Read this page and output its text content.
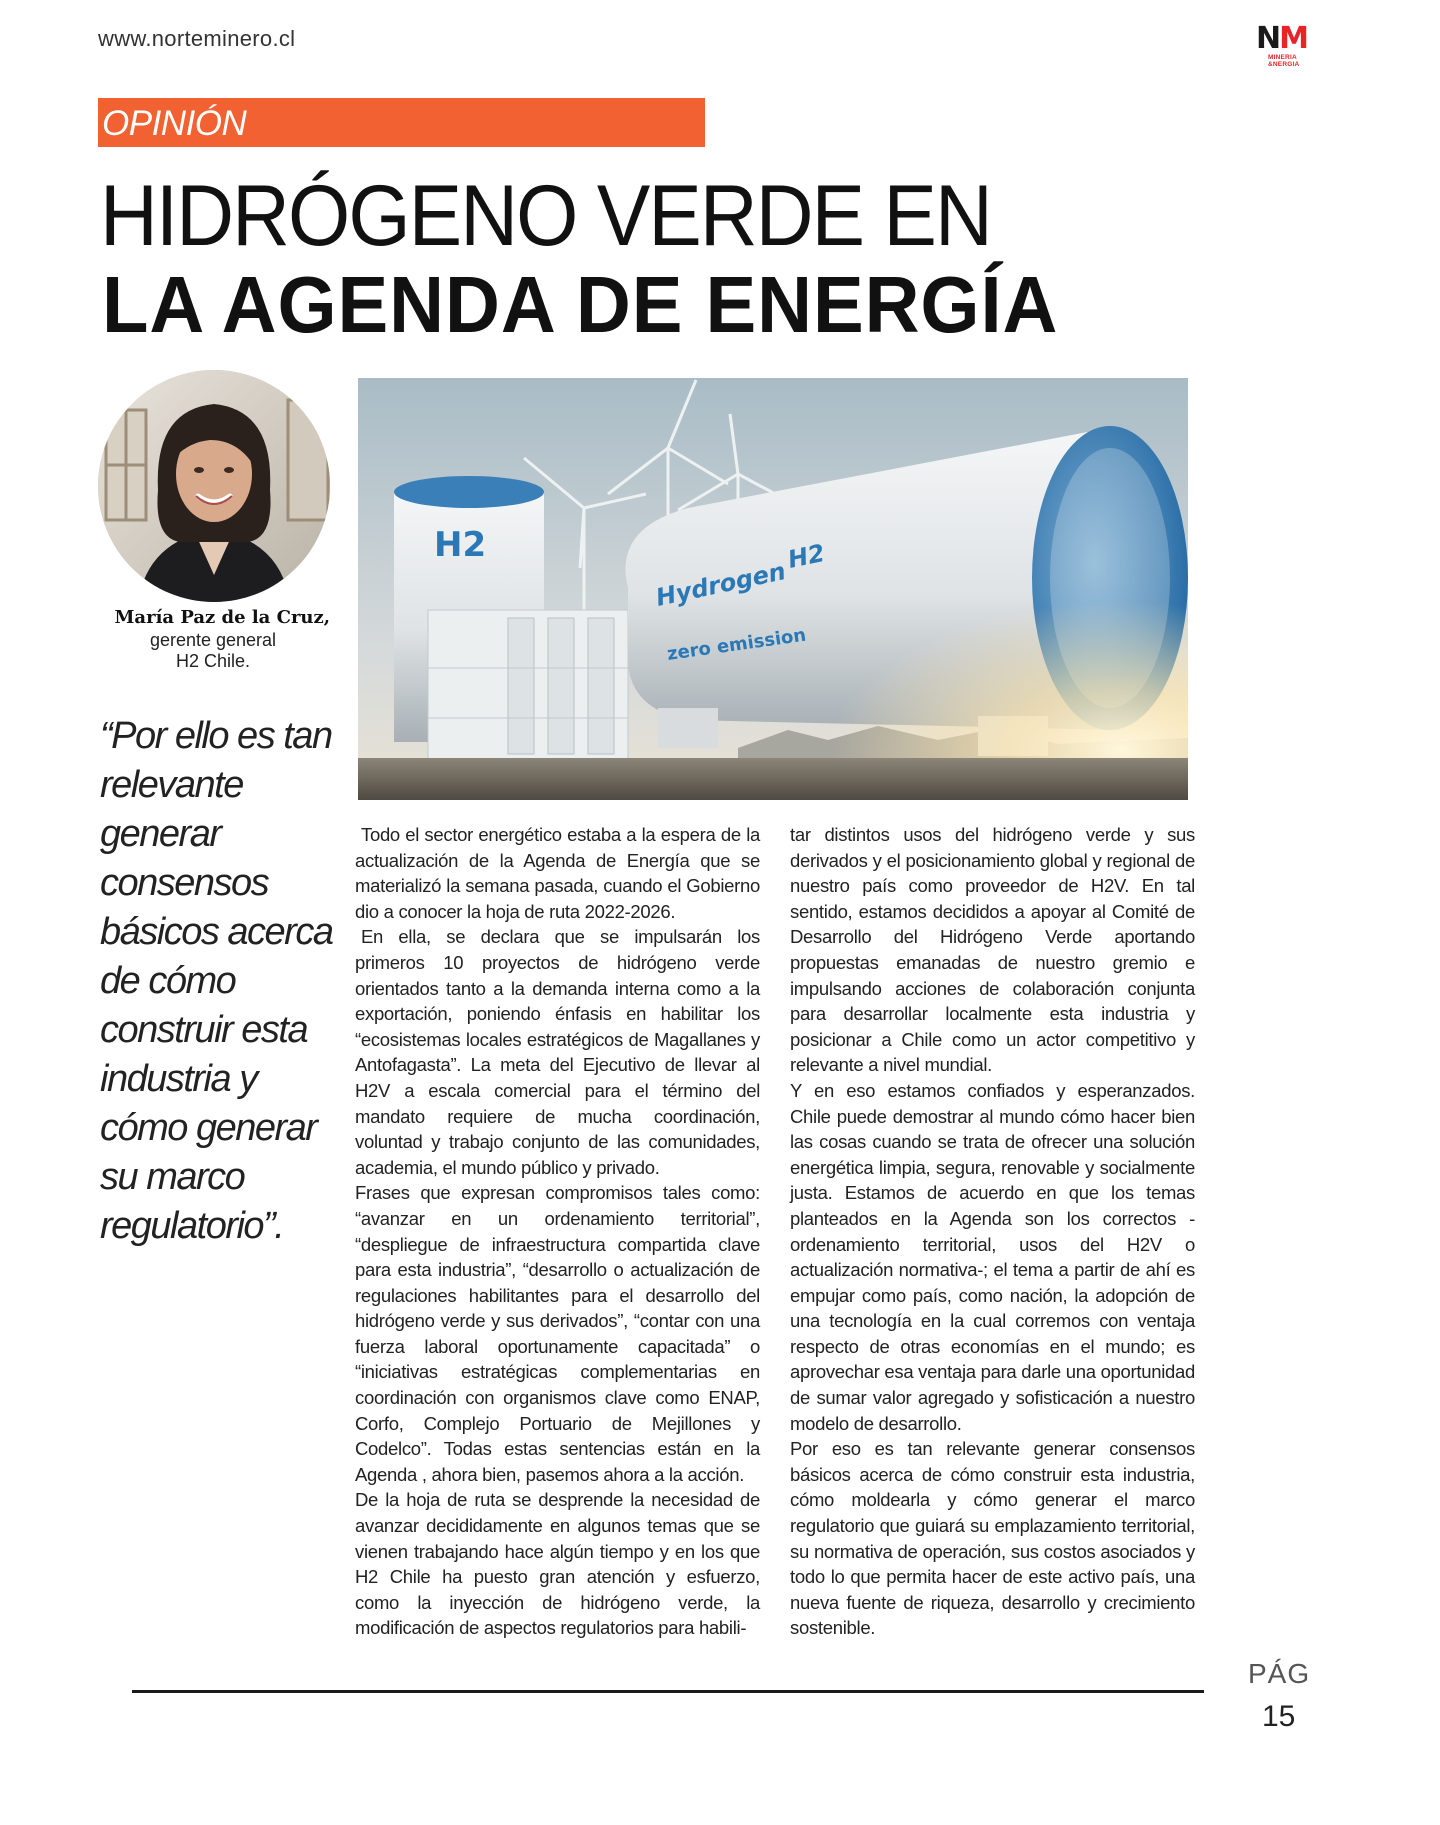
www.norteminero.cl	NM
MINERIA
&NERGIA
OPINIÓN
HIDRÓGENO VERDE EN
LA AGENDA DE ENERGÍA
María Paz de la Cruz,
gerente general
H2 Chile.
“Por ello es tan relevante generar consensos básicos acerca de cómo construir esta industria y cómo generar su marco regulatorio”.

Todo el sector energético estaba a la espera de la actualización de la Agenda de Energía que se materializó la semana pasada, cuando el Gobierno dio a conocer la hoja de ruta 2022-2026.

En ella, se declara que se impulsarán los primeros 10 proyectos de hidrógeno verde orientados tanto a la demanda interna como a la exportación, poniendo énfasis en habilitar los “ecosistemas locales estratégicos de Magallanes y Antofagasta”. La meta del Ejecutivo de llevar al H2V a escala comercial para el término del mandato requiere de mucha coordinación, voluntad y trabajo conjunto de las comunidades, academia, el mundo público y privado.

Frases que expresan compromisos tales como: “avanzar en un ordenamiento territorial”, “despliegue de infraestructura compartida clave para esta industria”, “desarrollo o actualización de regulaciones habilitantes para el desarrollo del hidrógeno verde y sus derivados”, “contar con una fuerza laboral oportunamente capacitada” o “iniciativas estratégicas complementarias en coordinación con organismos clave como ENAP, Corfo, Complejo Portuario de Mejillones y Codelco”. Todas estas sentencias están en la Agenda , ahora bien, pasemos ahora a la acción.

De la hoja de ruta se desprende la necesidad de avanzar decididamente en algunos temas que se vienen trabajando hace algún tiempo y en los que H2 Chile ha puesto gran atención y esfuerzo, como la inyección de hidrógeno verde, la modificación de aspectos regulatorios para habili-

tar distintos usos del hidrógeno verde y sus derivados y el posicionamiento global y regional de nuestro país como proveedor de H2V. En tal sentido, estamos decididos a apoyar al Comité de Desarrollo del Hidrógeno Verde aportando propuestas emanadas de nuestro gremio e impulsando acciones de colaboración conjunta para desarrollar localmente esta industria y posicionar a Chile como un actor competitivo y relevante a nivel mundial.

Y en eso estamos confiados y esperanzados. Chile puede demostrar al mundo cómo hacer bien las cosas cuando se trata de ofrecer una solución energética limpia, segura, renovable y socialmente justa. Estamos de acuerdo en que los temas planteados en la Agenda son los correctos -ordenamiento territorial, usos del H2V o actualización normativa-; el tema a partir de ahí es empujar como país, como nación, la adopción de una tecnología en la cual corremos con ventaja respecto de otras economías en el mundo; es aprovechar esa ventaja para darle una oportunidad de sumar valor agregado y sofisticación a nuestro modelo de desarrollo.

Por eso es tan relevante generar consensos básicos acerca de cómo construir esta industria, cómo moldearla y cómo generar el marco regulatorio que guiará su emplazamiento territorial, su normativa de operación, sus costos asociados y todo lo que permita hacer de este activo país, una nueva fuente de riqueza, desarrollo y crecimiento sostenible.

PÁG
15
